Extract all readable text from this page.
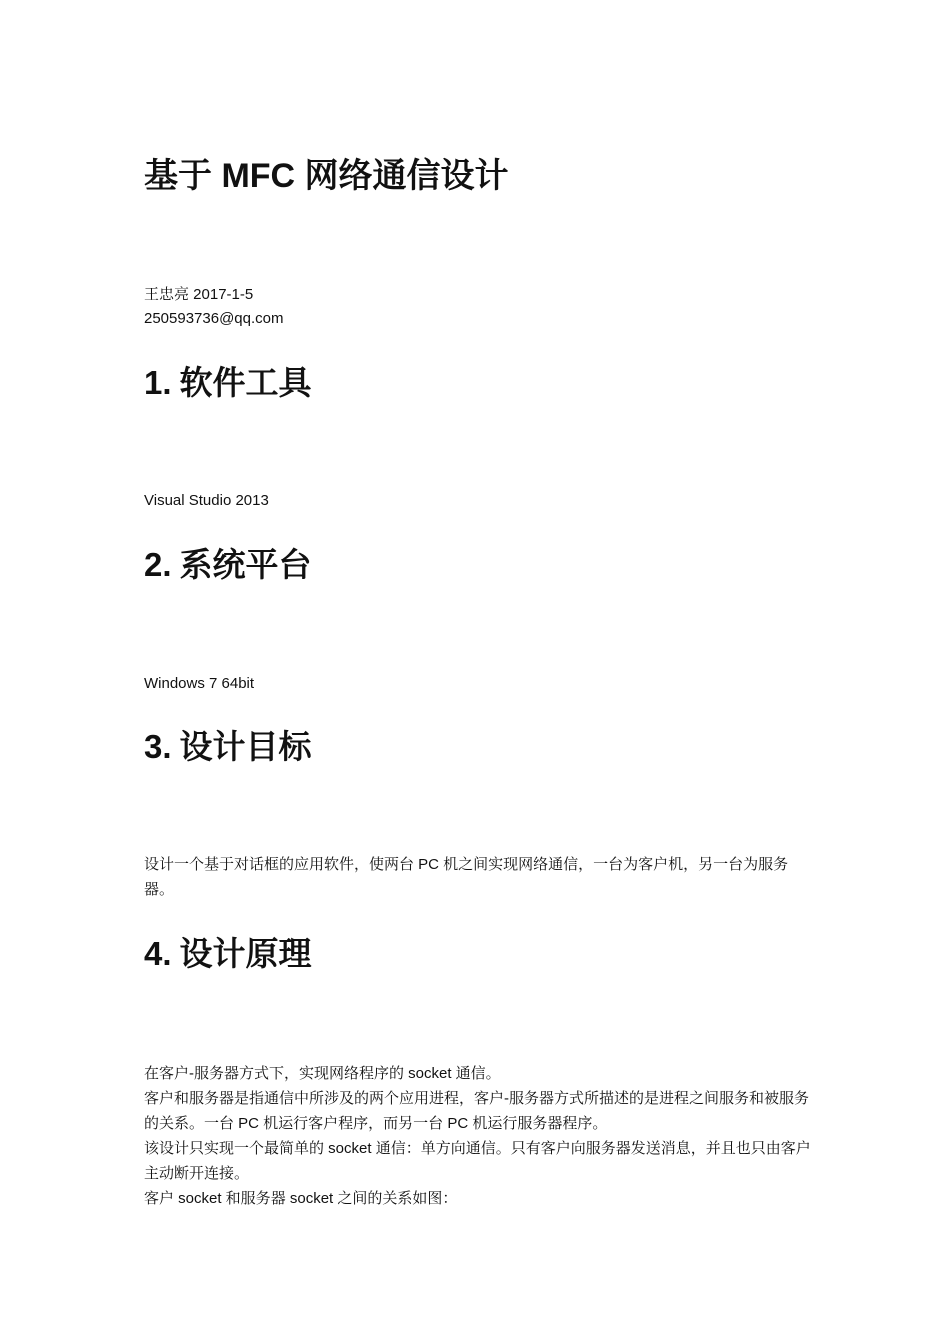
基于 MFC 网络通信设计
王忠亮 2017-1-5
250593736@qq.com
1. 软件工具

Visual Studio 2013

2. 系统平台

Windows 7 64bit

3. 设计目标

设计一个基于对话框的应用软件，使两台 PC 机之间实现网络通信，一台为客户机，另一台为服务器。

4. 设计原理

在客户-服务器方式下，实现网络程序的 socket 通信。

客户和服务器是指通信中所涉及的两个应用进程，客户-服务器方式所描述的是进程之间服务和被服务的关系。一台 PC 机运行客户程序，而另一台 PC 机运行服务器程序。

该设计只实现一个最简单的 socket 通信：单方向通信。只有客户向服务器发送消息，并且也只由客户主动断开连接。

客户 socket 和服务器 socket 之间的关系如图：
